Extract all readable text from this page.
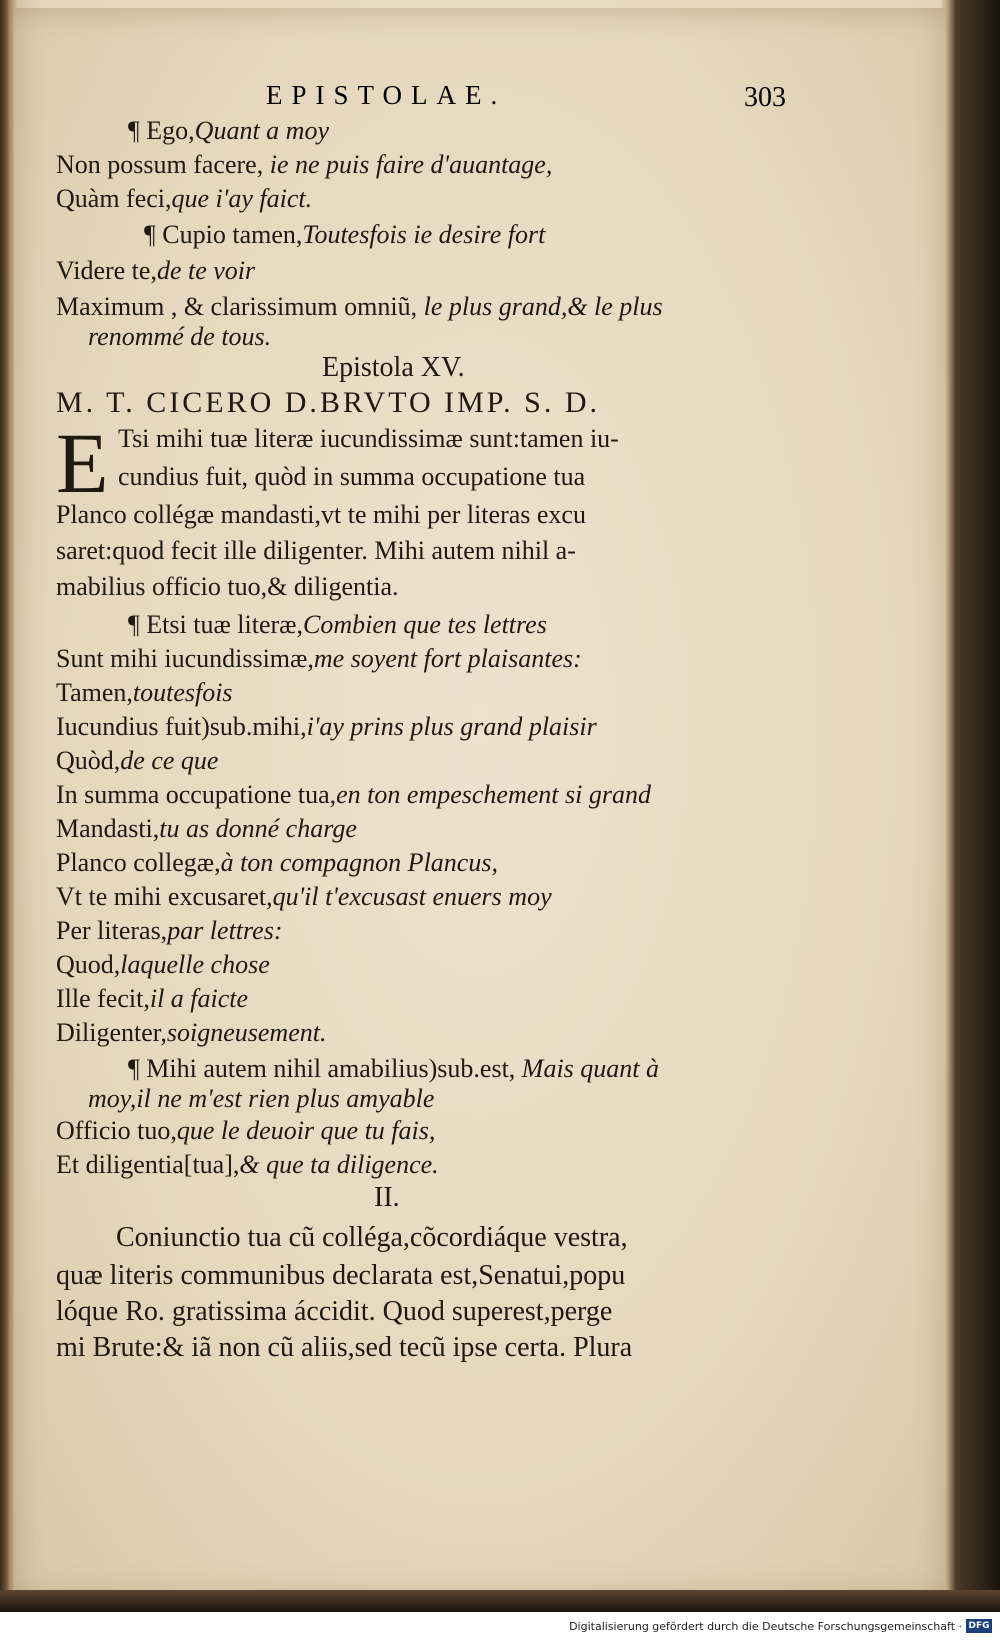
EPISTOLAE.	303
¶ Ego,Quant a moy
Non possum facere, ie ne puis faire d'auantage,
Quàm feci,que i'ay faict.
¶ Cupio tamen,Toutesfois ie desire fort
Videre te,de te voir
Maximum , & clarissimum omniũ, le plus grand,& le plus
renommé de tous.
Epistola XV.
M. T. CICERO D.BRVTO IMP. S. D.
E Tsi mihi tuæ literæ iucundissimæ sunt:tamen iu-
cundius fuit, quòd in summa occupatione tua
Planco collégæ mandasti,vt te mihi per literas excu
saret:quod fecit ille diligenter. Mihi autem nihil a-
mabilius officio tuo,& diligentia.
¶ Etsi tuæ literæ,Combien que tes lettres
Sunt mihi iucundissimæ,me soyent fort plaisantes:
Tamen,toutesfois
Iucundius fuit)sub.mihi,i'ay prins plus grand plaisir
Quòd,de ce que
In summa occupatione tua,en ton empeschement si grand
Mandasti,tu as donné charge
Planco collegæ,à ton compagnon Plancus,
Vt te mihi excusaret,qu'il t'excusast enuers moy
Per literas,par lettres:
Quod,laquelle chose
Ille fecit,il a faicte
Diligenter,soigneusement.
¶ Mihi autem nihil amabilius)sub.est, Mais quant à
moy,il ne m'est rien plus amyable
Officio tuo,que le deuoir que tu fais,
Et diligentia[tua],& que ta diligence.
II.
Coniunctio tua cũ colléga,cõcordiáque vestra,
quæ literis communibus declarata est,Senatui,popu
lóque Ro. gratissima áccidit. Quod superest,perge
mi Brute:& iã non cũ aliis,sed tecũ ipse certa. Plura
Digitalisierung gefördert durch die Deutsche Forschungsgemeinschaft · DFG
